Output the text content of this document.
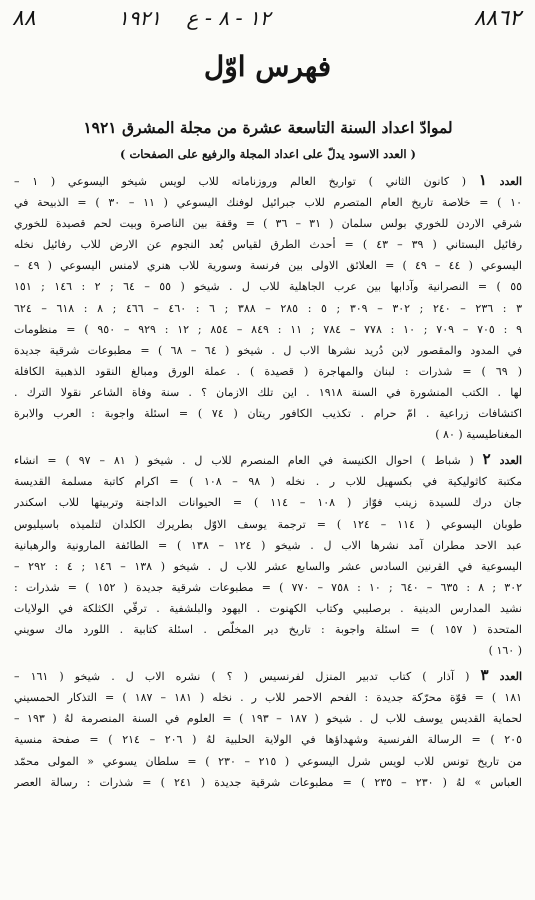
٨٨	١٢ - ٨ - ع    ١٩٢١	٨٨٦٢
فهرس اوّل
لموادّ اعداد السنة التاسعة عشرة من مجلة المشرق ١٩٢١
( العدد الاسود يدلّ على اعداد المجلة والرفيع على الصفحات )
العدد ١ ( كانون الثاني ) تواريخ العالم وروزناماته للاب لويس شيخو اليسوعي ( ١ –
١٠ ) = خلاصة تاريخ العام المتصرم للاب جبرائيل لوفنك اليسوعي ( ١١ – ٣٠ ) = الذبيحة في
شرقي الاردن للخوري بولس سلمان ( ٣١ – ٣٦ ) = وقفة بين الناصرة وبيت لحم قصيدة للخوري
رفائيل البستاني ( ٣٩ – ٤٣ ) = أحدث الطرق لقياس بُعد النجوم عن الارض للاب رفائيل نخله
اليسوعي ( ٤٤ – ٤٩ ) = العلائق الاولى بين فرنسة وسورية للاب هنري لامنس اليسوعي ( ٤٩ –
٥٥ ) = النصرانية وآدابها بين عرب الجاهلية للاب ل . شيخو ( ٥٥ – ٦٤ ; ٢ : ١٤٦ ; ١٥١
٣ : ٢٣٦ – ٢٤٠ ; ٣٠٢ – ٣٠٩ ; ٥ : ٢٨٥ – ٣٨٨ ; ٦ : ٤٦٠ – ٤٦٦ ; ٨ : ٦١٨ – ٦٢٤
٩ : ٧٠٥ – ٧٠٩ ; ١٠ : ٧٧٨ – ٧٨٤ ; ١١ : ٨٤٩ – ٨٥٤ ; ١٢ : ٩٢٩ – ٩٥٠ ) = منظومات
في المدود والمقصور لابن دُريد نشرها الاب ل . شيخو ( ٦٤ – ٦٨ ) = مطبوعات شرقية جديدة
( ٦٩ ) = شذرات : لبنان والمهاجرة ( قصيدة ) . عملة الورق ومبالغ النقود الذهبية الكافلة
لها . الكتب المنشورة في السنة ١٩١٨ . اين تلك الازمان ؟ . سنة وفاة الشاعر نقولا الترك .
اكتشافات زراعية . امّ حرام . تكذيب الكافور ريتان ( ٧٤ ) = اسئلة واجوبة : العرب والابرة
المغناطيسية ( ٨٠ )
العدد ٢ ( شباط ) احوال الكنيسة في العام المنصرم للاب ل . شيخو ( ٨١ – ٩٧ ) = انشاء
مكتبة كاثوليكية في بكسهيل للاب ر . نخله ( ٩٨ – ١٠٨ ) = اكرام كاتبة مسلمة القديسة
جان درك للسيدة زينب فوّاز ( ١٠٨ – ١١٤ ) = الحيوانات الداجنة وتربيتها للاب اسكندر
طوبان اليسوعي ( ١١٤ – ١٢٤ ) = ترجمة يوسف الاوّل بطريرك الكلدان لتلميذه باسيليوس
عبد الاحد مطران آمد نشرها الاب ل . شيخو ( ١٢٤ – ١٣٨ ) = الطائفة المارونية والرهبانية
اليسوعية في القرنين السادس عشر والسابع عشر للاب ل . شيخو ( ١٣٨ – ١٤٦ ; ٤ : ٢٩٢ –
٣٠٢ ; ٨ : ٦٣٥ – ٦٤٠ ; ١٠ : ٧٥٨ – ٧٧٠ ) = مطبوعات شرقية جديدة ( ١٥٢ ) = شذرات :
نشيد المدارس الدينية . برصليبي وكتاب الكهنوت . اليهود والبلشفية . ترقّي الكثلكة في الولايات
المتحدة ( ١٥٧ ) = اسئلة واجوبة : تاريخ دير المخلّص . اسئلة كتابية . اللورد ماك سويني
( ١٦٠ )
العدد ٣ ( آذار ) كتاب تدبير المنزل لفرنسيس ( ؟ ) نشره الاب ل . شيخو ( ١٦١ –
١٨١ ) = قوّة محرّكة جديدة : الفحم الاحمر للاب ر . نخله ( ١٨١ – ١٨٧ ) = التذكار الحمسيني
لحماية القديس يوسف للاب ل . شيخو ( ١٨٧ – ١٩٣ ) = العلوم في السنة المنصرمة لهُ ( ١٩٣ –
٢٠٥ ) = الرسالة الفرنسية وشهداؤها في الولاية الحلبية لهُ ( ٢٠٦ – ٢١٤ ) = صفحة منسية
من تاريخ تونس للاب لويس شرل اليسوعي ( ٢١٥ – ٢٣٠ ) = سلطان يسوعي « المولى محمّد
العباس » لهُ ( ٢٣٠ – ٢٣٥ ) = مطبوعات شرقية جديدة ( ٢٤١ ) = شذرات : رسالة العصر
